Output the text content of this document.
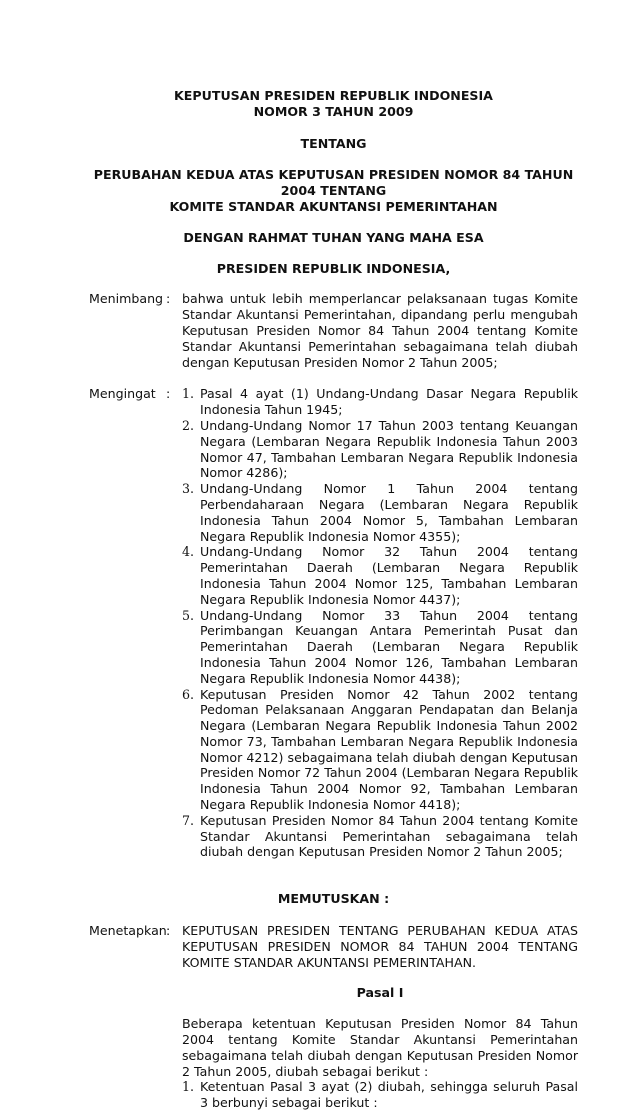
KEPUTUSAN PRESIDEN REPUBLIK INDONESIA
NOMOR 3 TAHUN 2009
TENTANG
PERUBAHAN KEDUA ATAS KEPUTUSAN PRESIDEN NOMOR 84 TAHUN 2004 TENTANG
KOMITE STANDAR AKUNTANSI PEMERINTAHAN
DENGAN RAHMAT TUHAN YANG MAHA ESA
PRESIDEN REPUBLIK INDONESIA,
Menimbang : bahwa untuk lebih memperlancar pelaksanaan tugas Komite Standar Akuntansi Pemerintahan, dipandang perlu mengubah Keputusan Presiden Nomor 84 Tahun 2004 tentang Komite Standar Akuntansi Pemerintahan sebagaimana telah diubah dengan Keputusan Presiden Nomor 2 Tahun 2005;
Mengingat : 1. Pasal 4 ayat (1) Undang-Undang Dasar Negara Republik Indonesia Tahun 1945;
2. Undang-Undang Nomor 17 Tahun 2003 tentang Keuangan Negara (Lembaran Negara Republik Indonesia Tahun 2003 Nomor 47, Tambahan Lembaran Negara Republik Indonesia Nomor 4286);
3. Undang-Undang Nomor 1 Tahun 2004 tentang Perbendaharaan Negara (Lembaran Negara Republik Indonesia Tahun 2004 Nomor 5, Tambahan Lembaran Negara Republik Indonesia Nomor 4355);
4. Undang-Undang Nomor 32 Tahun 2004 tentang Pemerintahan Daerah (Lembaran Negara Republik Indonesia Tahun 2004 Nomor 125, Tambahan Lembaran Negara Republik Indonesia Nomor 4437);
5. Undang-Undang Nomor 33 Tahun 2004 tentang Perimbangan Keuangan Antara Pemerintah Pusat dan Pemerintahan Daerah (Lembaran Negara Republik Indonesia Tahun 2004 Nomor 126, Tambahan Lembaran Negara Republik Indonesia Nomor 4438);
6. Keputusan Presiden Nomor 42 Tahun 2002 tentang Pedoman Pelaksanaan Anggaran Pendapatan dan Belanja Negara (Lembaran Negara Republik Indonesia Tahun 2002 Nomor 73, Tambahan Lembaran Negara Republik Indonesia Nomor 4212) sebagaimana telah diubah dengan Keputusan Presiden Nomor 72 Tahun 2004 (Lembaran Negara Republik Indonesia Tahun 2004 Nomor 92, Tambahan Lembaran Negara Republik Indonesia Nomor 4418);
7. Keputusan Presiden Nomor 84 Tahun 2004 tentang Komite Standar Akuntansi Pemerintahan sebagaimana telah diubah dengan Keputusan Presiden Nomor 2 Tahun 2005;
MEMUTUSKAN :
Menetapkan : KEPUTUSAN PRESIDEN TENTANG PERUBAHAN KEDUA ATAS KEPUTUSAN PRESIDEN NOMOR 84 TAHUN 2004 TENTANG KOMITE STANDAR AKUNTANSI PEMERINTAHAN.
Pasal I
Beberapa ketentuan Keputusan Presiden Nomor 84 Tahun 2004 tentang Komite Standar Akuntansi Pemerintahan sebagaimana telah diubah dengan Keputusan Presiden Nomor 2 Tahun 2005, diubah sebagai berikut :
1. Ketentuan Pasal 3 ayat (2) diubah, sehingga seluruh Pasal 3 berbunyi sebagai berikut :
